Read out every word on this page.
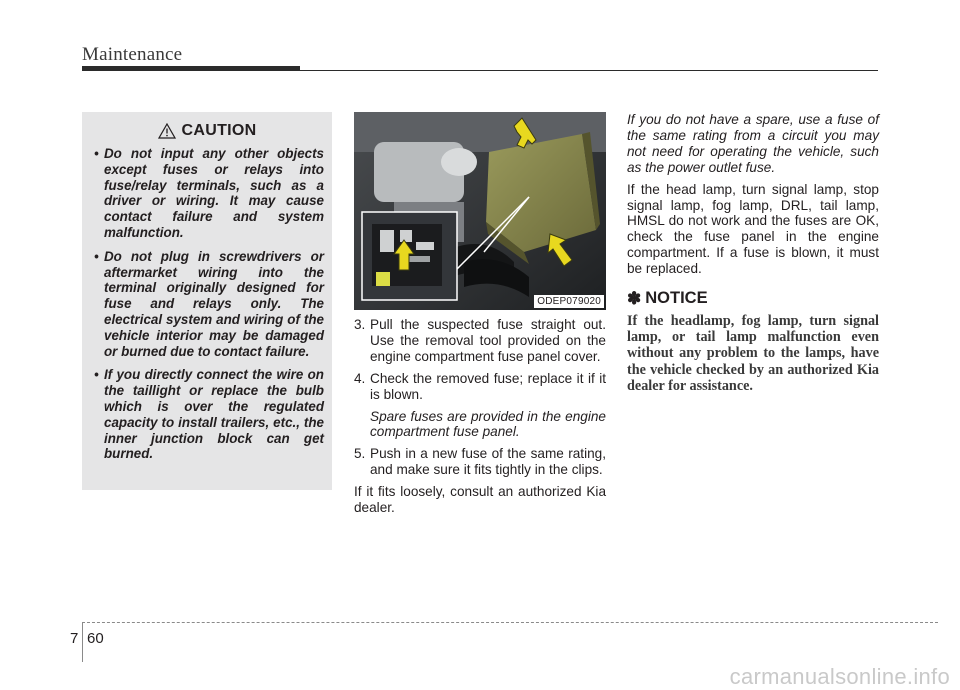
Maintenance
CAUTION
• Do not input any other objects except fuses or relays into fuse/relay terminals, such as a driver or wiring. It may cause contact failure and system malfunction.
• Do not plug in screwdrivers or aftermarket wiring into the terminal originally designed for fuse and relays only. The electrical system and wiring of the vehicle interior may be damaged or burned due to contact failure.
• If you directly connect the wire on the taillight or replace the bulb which is over the regulated capacity to install trailers, etc., the inner junction block can get burned.
ODEP079020
3. Pull the suspected fuse straight out. Use the removal tool provided on the engine compartment fuse panel cover.
4. Check the removed fuse; replace it if it is blown.
Spare fuses are provided in the engine compartment fuse panel.
5. Push in a new fuse of the same rating, and make sure it fits tightly in the clips.
If it fits loosely, consult an authorized Kia dealer.
If you do not have a spare, use a fuse of the same rating from a circuit you may not need for operating the vehicle, such as the power outlet fuse.
If the head lamp, turn signal lamp, stop signal lamp, fog lamp, DRL, tail lamp, HMSL do not work and the fuses are OK, check the fuse panel in the engine compartment. If a fuse is blown, it must be replaced.
✽ NOTICE
If the headlamp, fog lamp, turn signal lamp, or tail lamp malfunction even without any problem to the lamps, have the vehicle checked by an authorized Kia dealer for assistance.
7 60
carmanualsonline.info
